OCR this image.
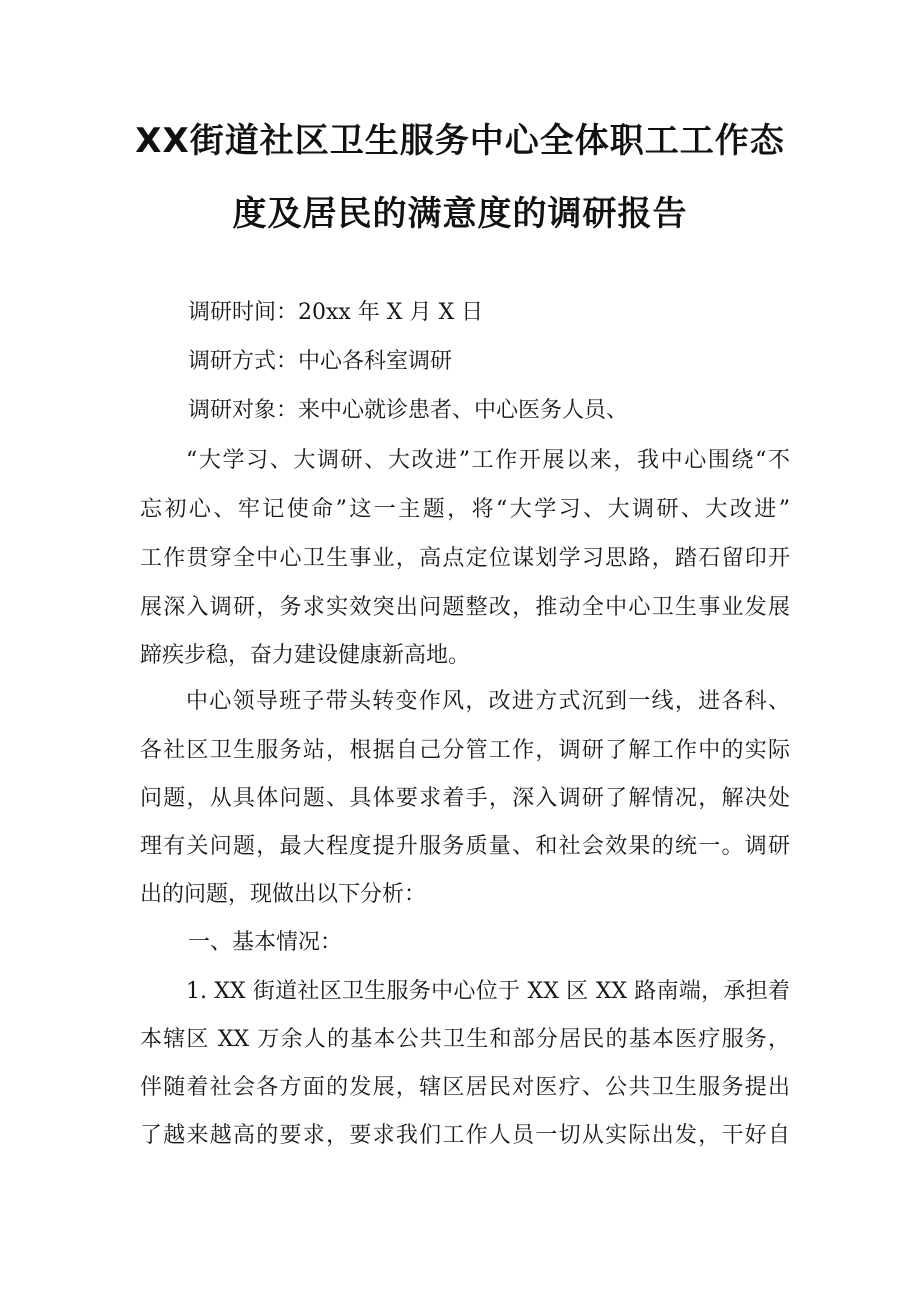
XX街道社区卫生服务中心全体职工工作态
度及居民的满意度的调研报告
调研时间：20xx 年 X 月 X 日
调研方式：中心各科室调研
调研对象：来中心就诊患者、中心医务人员、
“大学习、大调研、大改进”工作开展以来，我中心围绕“不
忘初心、牢记使命”这一主题，将“大学习、大调研、大改进”
工作贯穿全中心卫生事业，高点定位谋划学习思路，踏石留印开
展深入调研，务求实效突出问题整改，推动全中心卫生事业发展
蹄疾步稳，奋力建设健康新高地。
中心领导班子带头转变作风，改进方式沉到一线，进各科、
各社区卫生服务站，根据自己分管工作，调研了解工作中的实际
问题，从具体问题、具体要求着手，深入调研了解情况，解决处
理有关问题，最大程度提升服务质量、和社会效果的统一。调研
出的问题，现做出以下分析：
一、基本情况：
1. XX 街道社区卫生服务中心位于 XX 区 XX 路南端，承担着
本辖区 XX 万余人的基本公共卫生和部分居民的基本医疗服务，
伴随着社会各方面的发展，辖区居民对医疗、公共卫生服务提出
了越来越高的要求，要求我们工作人员一切从实际出发，干好自
